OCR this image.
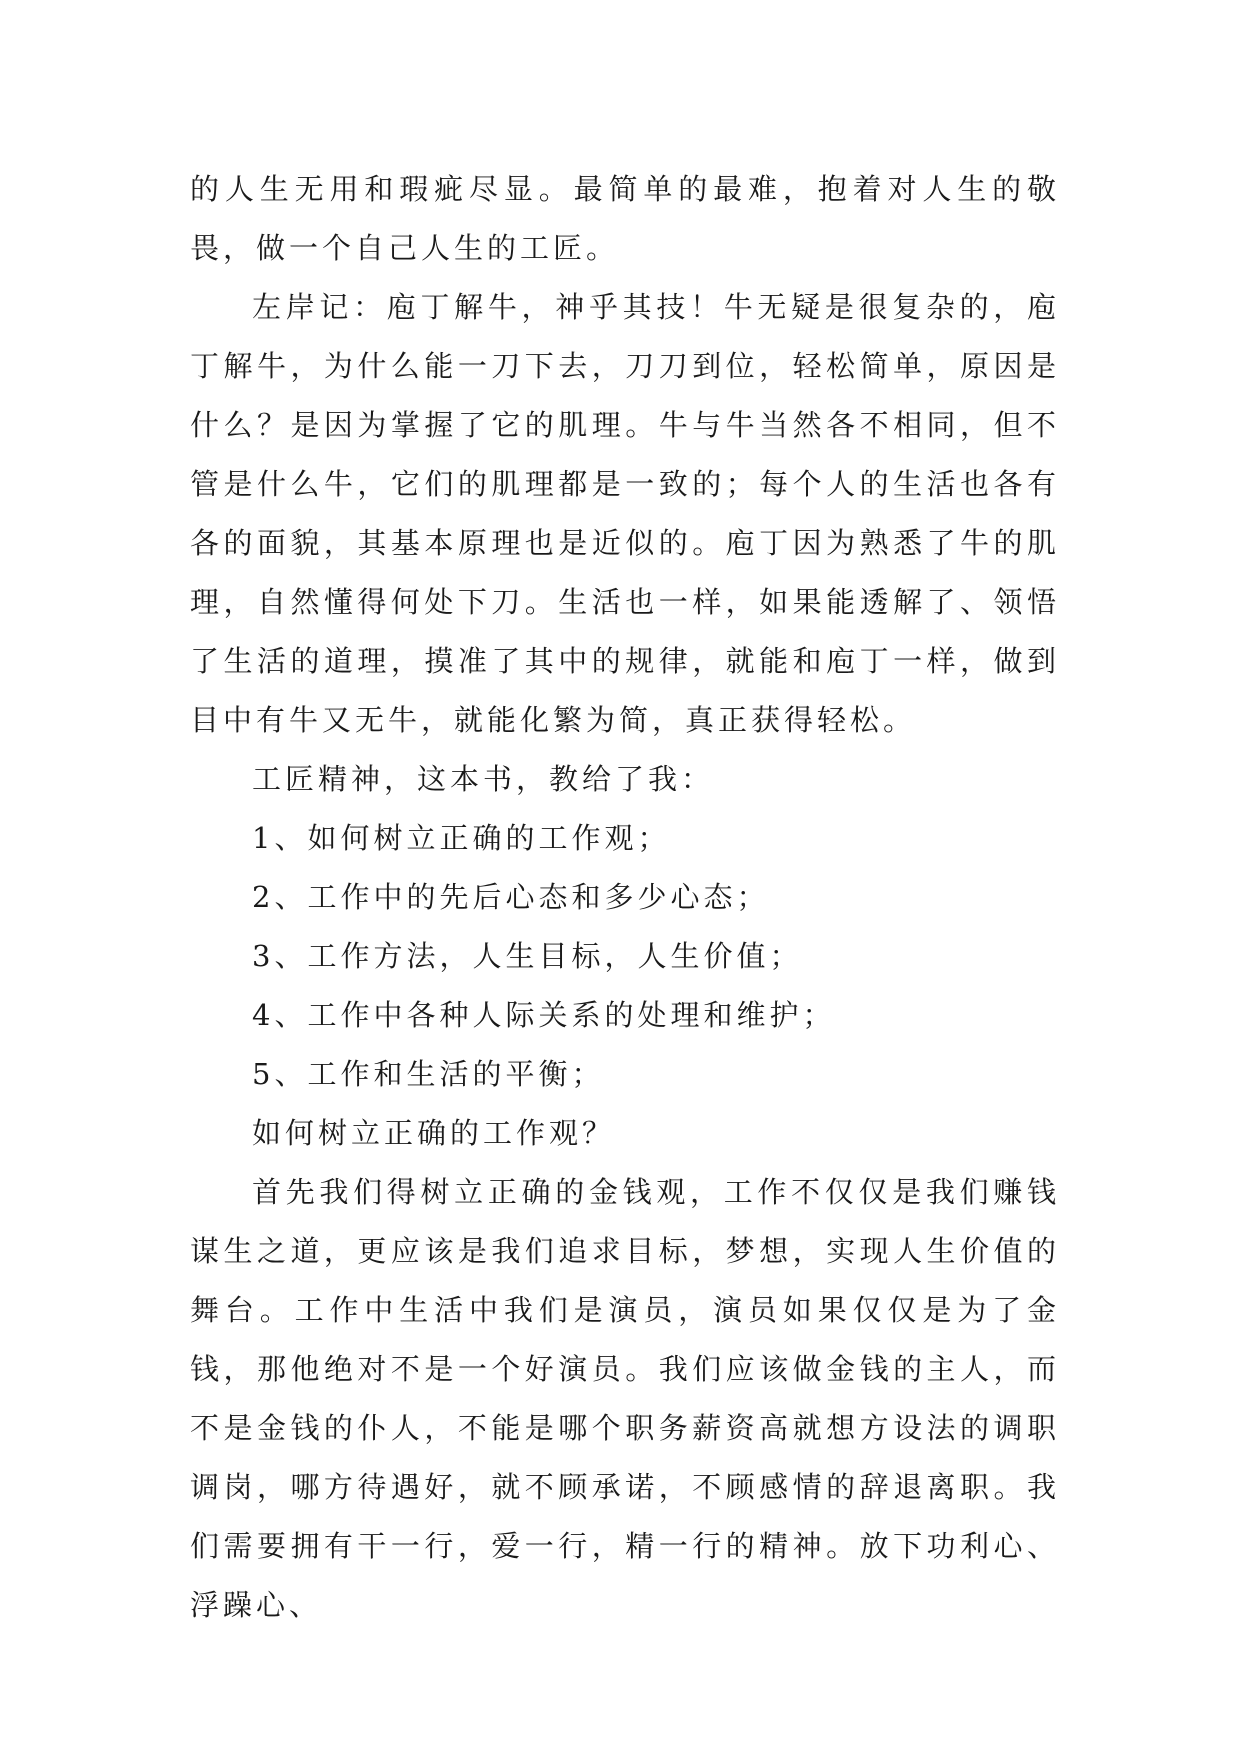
的人生无用和瑕疵尽显。最简单的最难，抱着对人生的敬畏，做一个自己人生的工匠。

左岸记：庖丁解牛，神乎其技！牛无疑是很复杂的，庖丁解牛，为什么能一刀下去，刀刀到位，轻松简单，原因是什么？是因为掌握了它的肌理。牛与牛当然各不相同，但不管是什么牛，它们的肌理都是一致的；每个人的生活也各有各的面貌，其基本原理也是近似的。庖丁因为熟悉了牛的肌理，自然懂得何处下刀。生活也一样，如果能透解了、领悟了生活的道理，摸准了其中的规律，就能和庖丁一样，做到目中有牛又无牛，就能化繁为简，真正获得轻松。

工匠精神，这本书，教给了我：

1、如何树立正确的工作观；

2、工作中的先后心态和多少心态；

3、工作方法，人生目标，人生价值；

4、工作中各种人际关系的处理和维护；

5、工作和生活的平衡；

如何树立正确的工作观？

首先我们得树立正确的金钱观，工作不仅仅是我们赚钱谋生之道，更应该是我们追求目标，梦想，实现人生价值的舞台。工作中生活中我们是演员，演员如果仅仅是为了金钱，那他绝对不是一个好演员。我们应该做金钱的主人，而不是金钱的仆人，不能是哪个职务薪资高就想方设法的调职调岗，哪方待遇好，就不顾承诺，不顾感情的辞退离职。我们需要拥有干一行，爱一行，精一行的精神。放下功利心、浮躁心、
